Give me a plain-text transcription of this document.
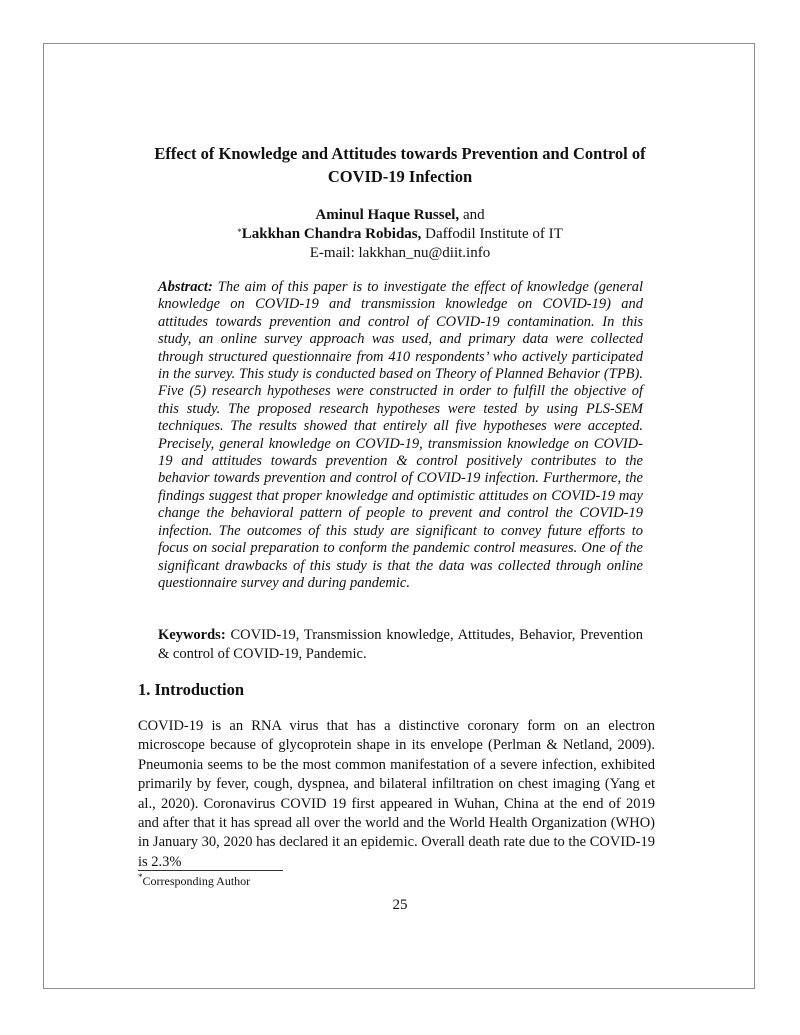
Effect of Knowledge and Attitudes towards Prevention and Control of
COVID-19 Infection
Aminul Haque Russel, and
*Lakkhan Chandra Robidas, Daffodil Institute of IT
E-mail: lakkhan_nu@diit.info
Abstract: The aim of this paper is to investigate the effect of knowledge (general knowledge on COVID-19 and transmission knowledge on COVID-19) and attitudes towards prevention and control of COVID-19 contamination. In this study, an online survey approach was used, and primary data were collected through structured questionnaire from 410 respondents’ who actively participated in the survey. This study is conducted based on Theory of Planned Behavior (TPB). Five (5) research hypotheses were constructed in order to fulfill the objective of this study. The proposed research hypotheses were tested by using PLS-SEM techniques. The results showed that entirely all five hypotheses were accepted. Precisely, general knowledge on COVID-19, transmission knowledge on COVID-19 and attitudes towards prevention & control positively contributes to the behavior towards prevention and control of COVID-19 infection. Furthermore, the findings suggest that proper knowledge and optimistic attitudes on COVID-19 may change the behavioral pattern of people to prevent and control the COVID-19 infection. The outcomes of this study are significant to convey future efforts to focus on social preparation to conform the pandemic control measures. One of the significant drawbacks of this study is that the data was collected through online questionnaire survey and during pandemic.
Keywords: COVID-19, Transmission knowledge, Attitudes, Behavior, Prevention & control of COVID-19, Pandemic.
1. Introduction
COVID-19 is an RNA virus that has a distinctive coronary form on an electron microscope because of glycoprotein shape in its envelope (Perlman & Netland, 2009). Pneumonia seems to be the most common manifestation of a severe infection, exhibited primarily by fever, cough, dyspnea, and bilateral infiltration on chest imaging (Yang et al., 2020). Coronavirus COVID 19 first appeared in Wuhan, China at the end of 2019 and after that it has spread all over the world and the World Health Organization (WHO) in January 30, 2020 has declared it an epidemic. Overall death rate due to the COVID-19 is 2.3%
*Corresponding Author
25
